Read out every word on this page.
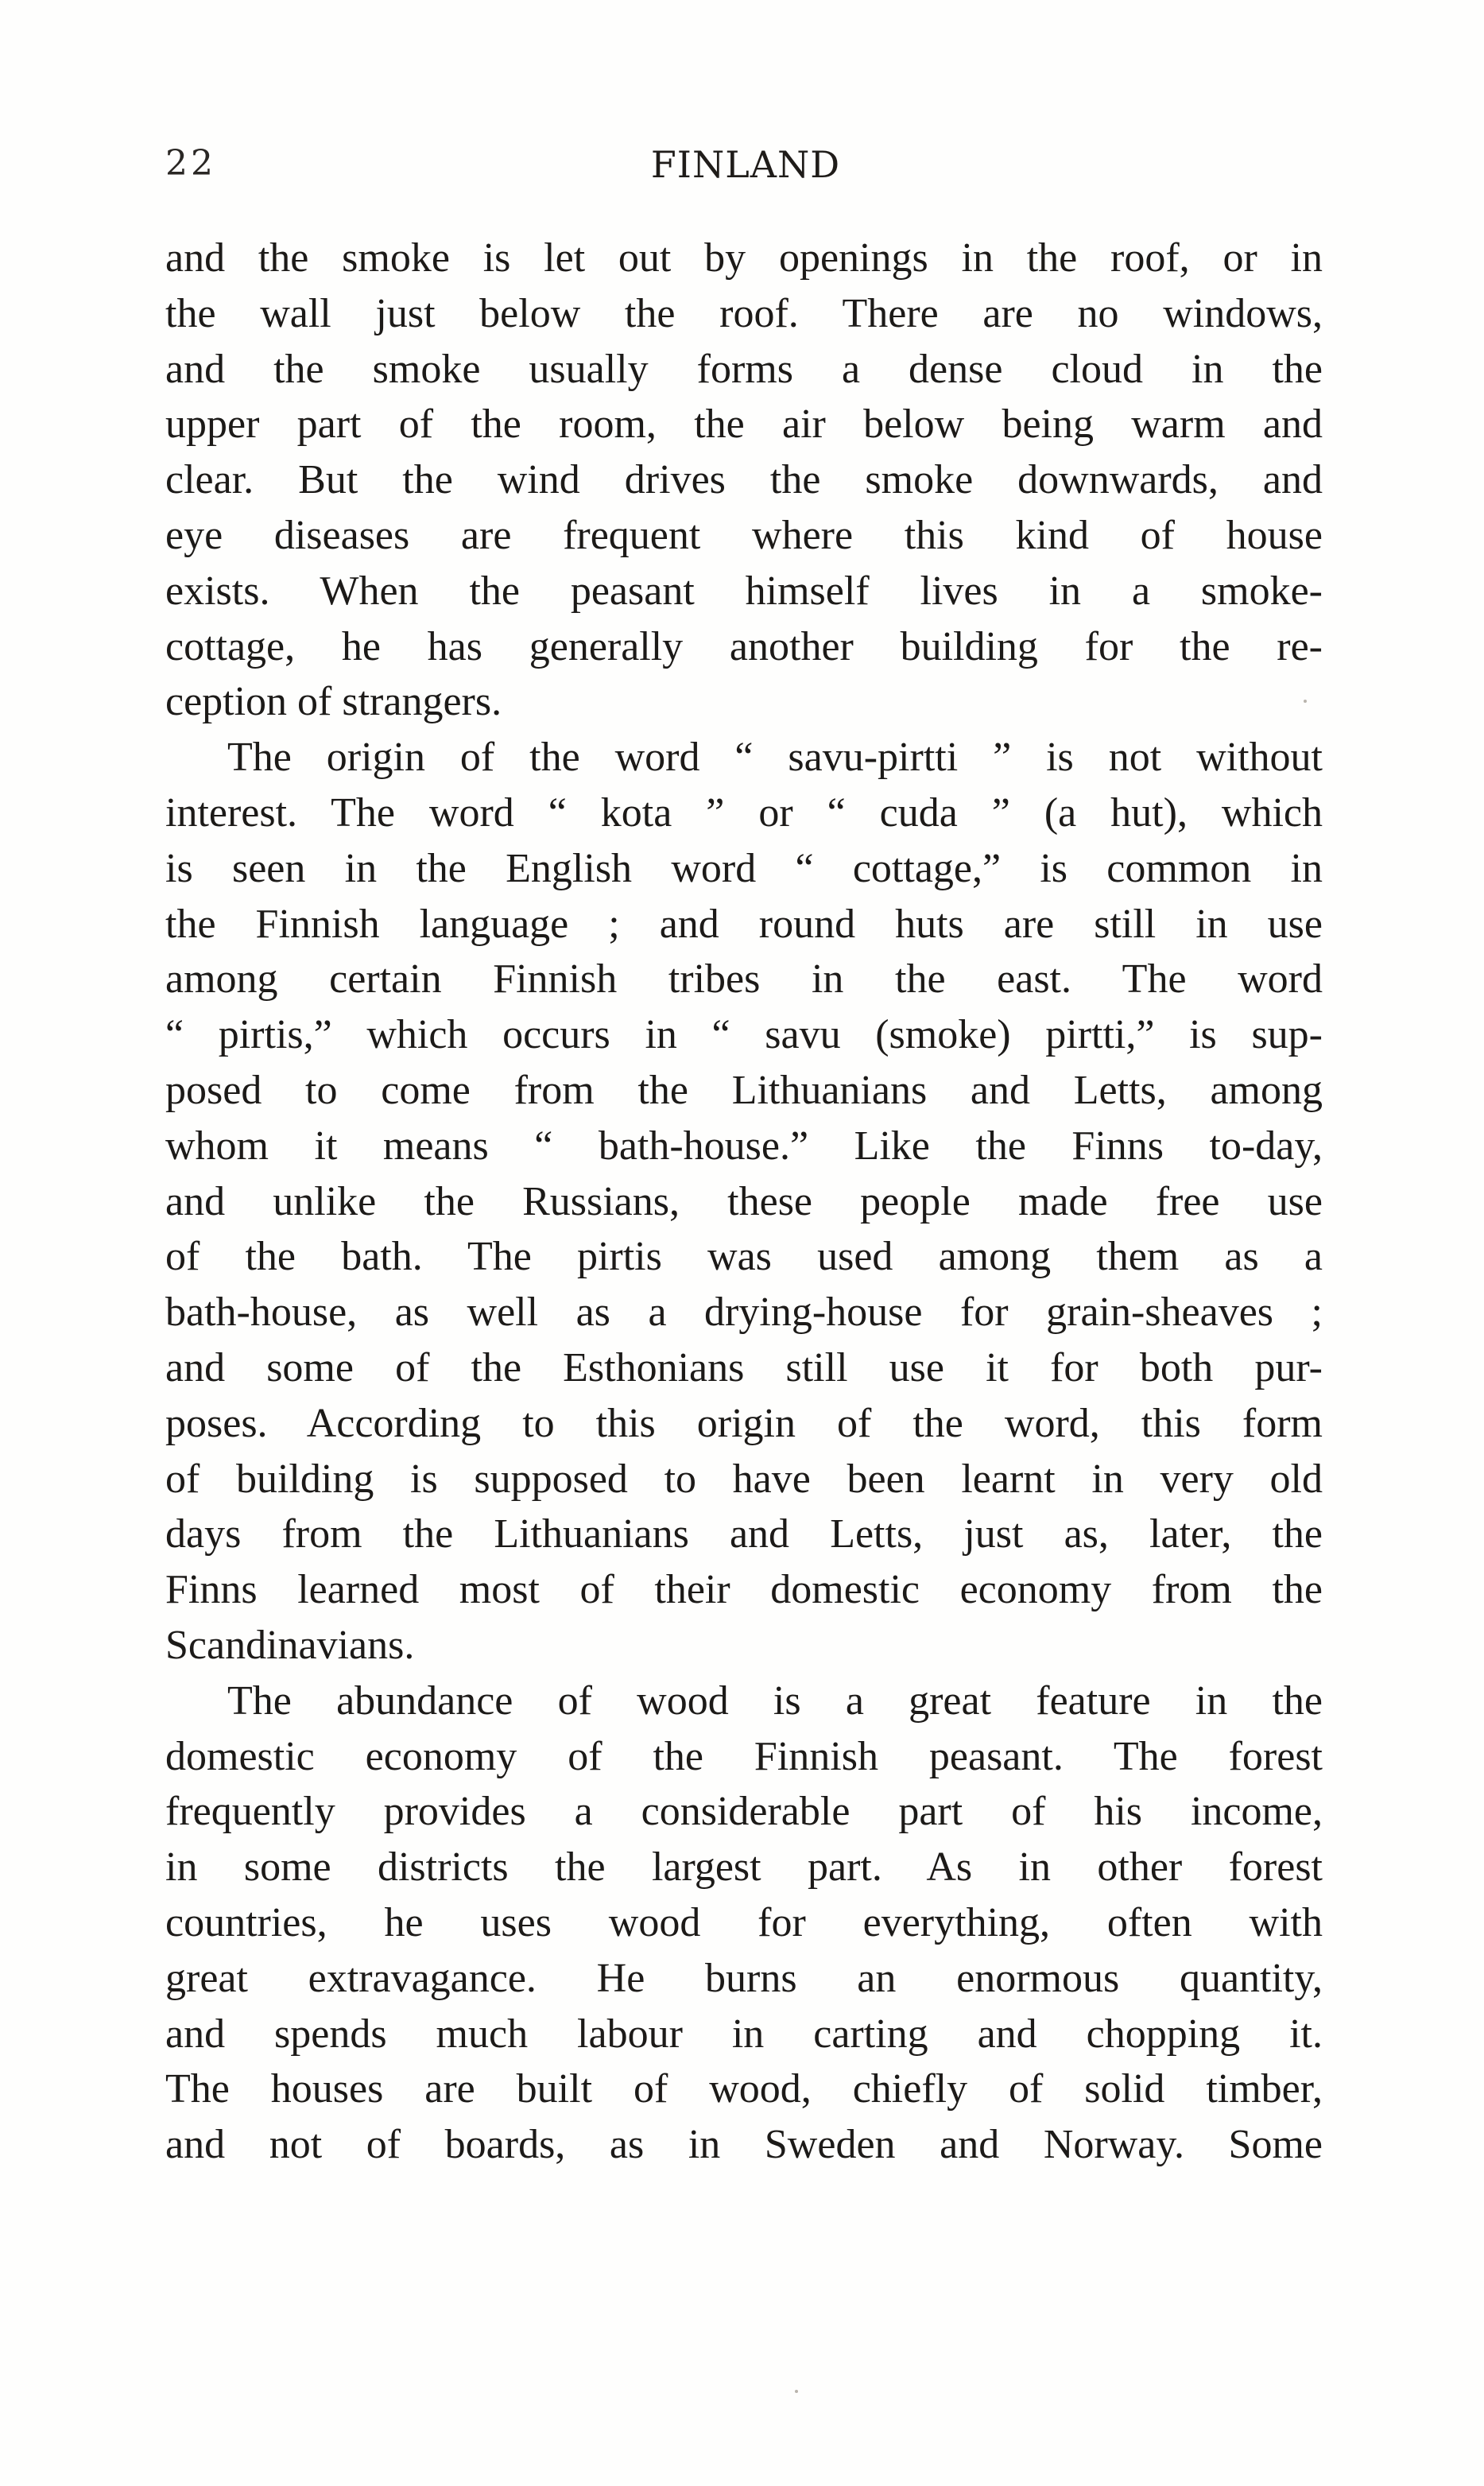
22	FINLAND
and the smoke is let out by openings in the roof, or in
the wall just below the roof. There are no windows,
and the smoke usually forms a dense cloud in the
upper part of the room, the air below being warm and
clear. But the wind drives the smoke downwards, and
eye diseases are frequent where this kind of house
exists. When the peasant himself lives in a smoke-
cottage, he has generally another building for the re-
ception of strangers.
The origin of the word “ savu-pirtti ” is not without
interest. The word “ kota ” or “ cuda ” (a hut), which
is seen in the English word “ cottage,” is common in
the Finnish language ; and round huts are still in use
among certain Finnish tribes in the east. The word
“ pirtis,” which occurs in “ savu (smoke) pirtti,” is sup-
posed to come from the Lithuanians and Letts, among
whom it means “ bath-house.” Like the Finns to-day,
and unlike the Russians, these people made free use
of the bath. The pirtis was used among them as a
bath-house, as well as a drying-house for grain-sheaves ;
and some of the Esthonians still use it for both pur-
poses. According to this origin of the word, this form
of building is supposed to have been learnt in very old
days from the Lithuanians and Letts, just as, later, the
Finns learned most of their domestic economy from the
Scandinavians.
The abundance of wood is a great feature in the
domestic economy of the Finnish peasant. The forest
frequently provides a considerable part of his income,
in some districts the largest part. As in other forest
countries, he uses wood for everything, often with
great extravagance. He burns an enormous quantity,
and spends much labour in carting and chopping it.
The houses are built of wood, chiefly of solid timber,
and not of boards, as in Sweden and Norway. Some
